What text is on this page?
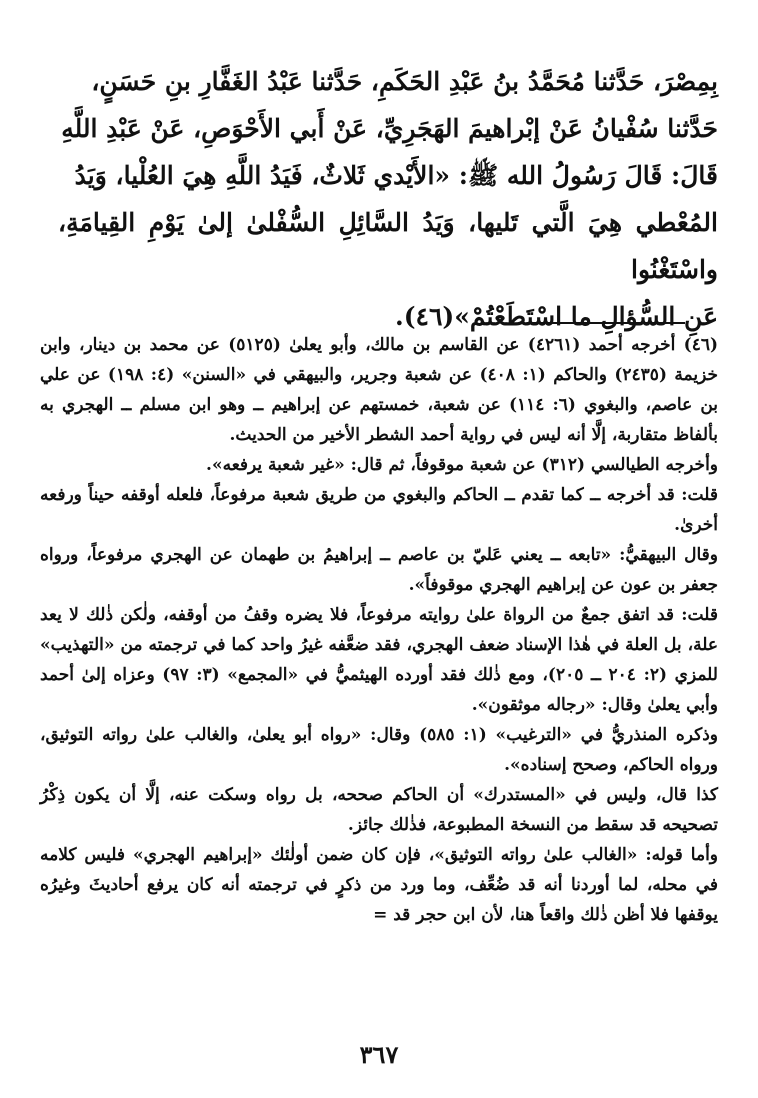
بِمِصْرَ، حَدَّثنا مُحَمَّدُ بنُ عَبْدِ الحَكَمِ، حَدَّثنا عَبْدُ الغَفَّارِ بنِ حَسَنٍ،

حَدَّثنا سُفْيانُ عَنْ إبْراهيمَ الهَجَرِيِّ، عَنْ أَبي الأَحْوَصِ، عَنْ عَبْدِ اللَّهِ

قَالَ: قَالَ رَسُولُ الله ﷺ: «الأَيْدي ثَلاثٌ، فَيَدُ اللَّهِ هِيَ العُلْيا، وَيَدُ

المُعْطي هِيَ الَّتي تَليها، وَيَدُ السَّائِلِ السُّفْلىٰ إلىٰ يَوْمِ القِيامَةِ، واسْتَغْنُوا

عَنِ السُّؤالِ ما اسْتَطَعْتُمْ»(٤٦).

(٤٦) أخرجه أحمد (٤٢٦١) عن القاسم بن مالك، وأبو يعلىٰ (٥١٢٥) عن محمد بن دينار، وابن خزيمة (٢٤٣٥) والحاكم (١: ٤٠٨) عن شعبة وجرير، والبيهقي في «السنن» (٤: ١٩٨) عن علي بن عاصم، والبغوي (٦: ١١٤) عن شعبة، خمستهم عن إبراهيم ــ وهو ابن مسلم ــ الهجري به بألفاظ متقاربة، إلَّا أنه ليس في رواية أحمد الشطر الأخير من الحديث.

وأخرجه الطيالسي (٣١٢) عن شعبة موقوفاً، ثم قال: «غير شعبة يرفعه».

قلت: قد أخرجه ــ كما تقدم ــ الحاكم والبغوي من طريق شعبة مرفوعاً، فلعله أوقفه حيناً ورفعه أخرىٰ.

وقال البيهقيُّ: «تابعه ــ يعني عَليّ بن عاصم ــ إبراهيمُ بن طهمان عن الهجري مرفوعاً، ورواه جعفر بن عون عن إبراهيم الهجري موقوفاً».

قلت: قد اتفق جمعٌ من الرواة علىٰ روايته مرفوعاً، فلا يضره وقفُ من أوقفه، ولٰكن ذٰلك لا يعد علة، بل العلة في هٰذا الإسناد ضعف الهجري، فقد ضعَّفه غيرُ واحد كما في ترجمته من «التهذيب» للمزي (٢: ٢٠٤ ــ ٢٠٥)، ومع ذٰلك فقد أورده الهيثميُّ في «المجمع» (٣: ٩٧) وعزاه إلىٰ أحمد وأبي يعلىٰ وقال: «رجاله موثقون».

وذكره المنذريُّ في «الترغيب» (١: ٥٨٥) وقال: «رواه أبو يعلىٰ، والغالب علىٰ رواته التوثيق، ورواه الحاكم، وصحح إسناده».

كذا قال، وليس في «المستدرك» أن الحاكم صححه، بل رواه وسكت عنه، إلَّا أن يكون ذِكْرُ تصحيحه قد سقط من النسخة المطبوعة، فذٰلك جائز.

وأما قوله: «الغالب علىٰ رواته التوثيق»، فإن كان ضمن أولٰئك «إبراهيم الهجري» فليس كلامه في محله، لما أوردنا أنه قد ضُعِّف، وما ورد من ذكرٍ في ترجمته أنه كان يرفع أحاديثَ وغيرُه يوقفها فلا أظن ذٰلك واقعاً هنا، لأن ابن حجر قد =

٣٦٧
